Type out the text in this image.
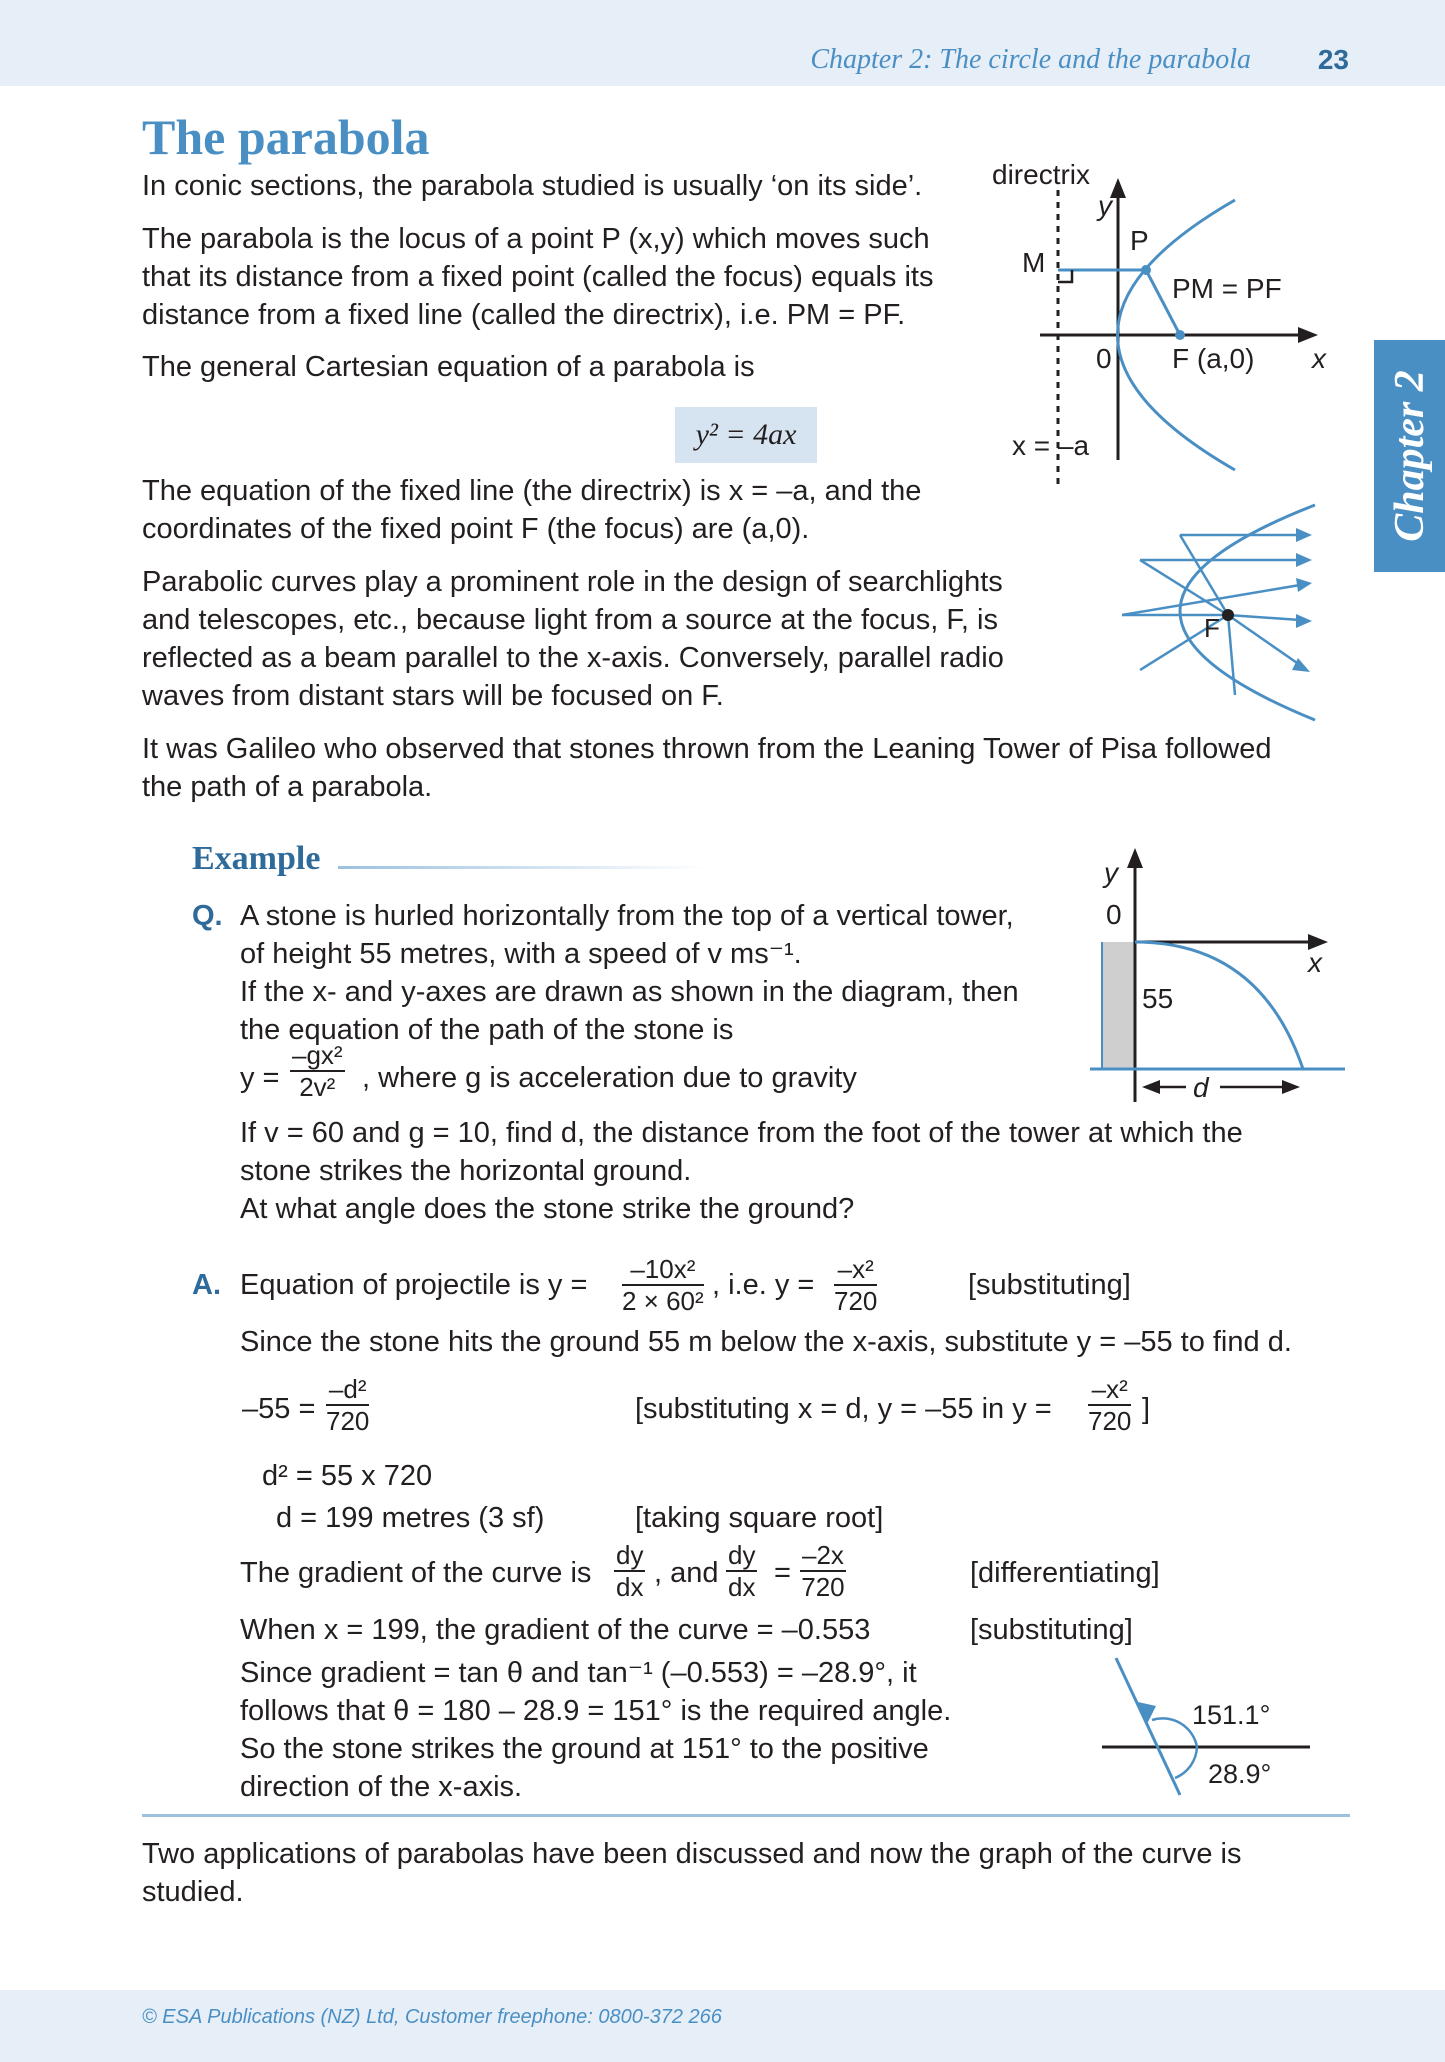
Chapter 2: The circle and the parabola 23
Chapter 2
© ESA Publications (NZ) Ltd, Customer freephone: 0800-372 266
The parabola
In conic sections, the parabola studied is usually ‘on its side’.
The parabola is the locus of a point P (x,y) which moves such
that its distance from a fixed point (called the focus) equals its
distance from a fixed line (called the directrix), i.e. PM = PF.
The general Cartesian equation of a parabola is
y² = 4ax
The equation of the fixed line (the directrix) is x = –a, and the
coordinates of the fixed point F (the focus) are (a,0).
Parabolic curves play a prominent role in the design of searchlights
and telescopes, etc., because light from a source at the focus, F, is
reflected as a beam parallel to the x-axis. Conversely, parallel radio
waves from distant stars will be focused on F.
It was Galileo who observed that stones thrown from the Leaning Tower of Pisa followed
the path of a parabola.
directrix
y
P
M
PM = PF
0 F (a,0) x
x = –a
F
Example
Q. A stone is hurled horizontally from the top of a vertical tower,
of height 55 metres, with a speed of v ms⁻¹.
If the x- and y-axes are drawn as shown in the diagram, then
the equation of the path of the stone is
$y = \frac{\text{–gx²}}{\text{2v²}}$ , where g is acceleration due to gravity
If v = 60 and g = 10, find d, the distance from the foot of the tower at which the
stone strikes the horizontal ground.
At what angle does the stone strike the ground?
y
0
x
55
d
A. Equation of projectile is $y = \frac{\text{–10x²}}{\text{2 × 60²}}$ , i.e. $y = \frac{\text{–x²}}{720}$	[substituting]
Since the stone hits the ground 55 m below the x-axis, substitute y = –55 to find d.
$-55 = \frac{\text{–d²}}{720}$	[substituting x = d, y = –55 in $y = \frac{\text{–x²}}{720}$ ]
d² = 55 x 720
d = 199 metres (3 sf)	[taking square root]
The gradient of the curve is $\frac{dy}{dx}$ , and $\frac{dy}{dx} = \frac{-2x}{720}$	[differentiating]
When x = 199, the gradient of the curve = –0.553	[substituting]
Since gradient = tan θ and tan⁻¹ (–0.553) = –28.9°, it
follows that θ = 180 – 28.9 = 151° is the required angle.
So the stone strikes the ground at 151° to the positive
direction of the x-axis.
151.1°
28.9°
Two applications of parabolas have been discussed and now the graph of the curve is
studied.
